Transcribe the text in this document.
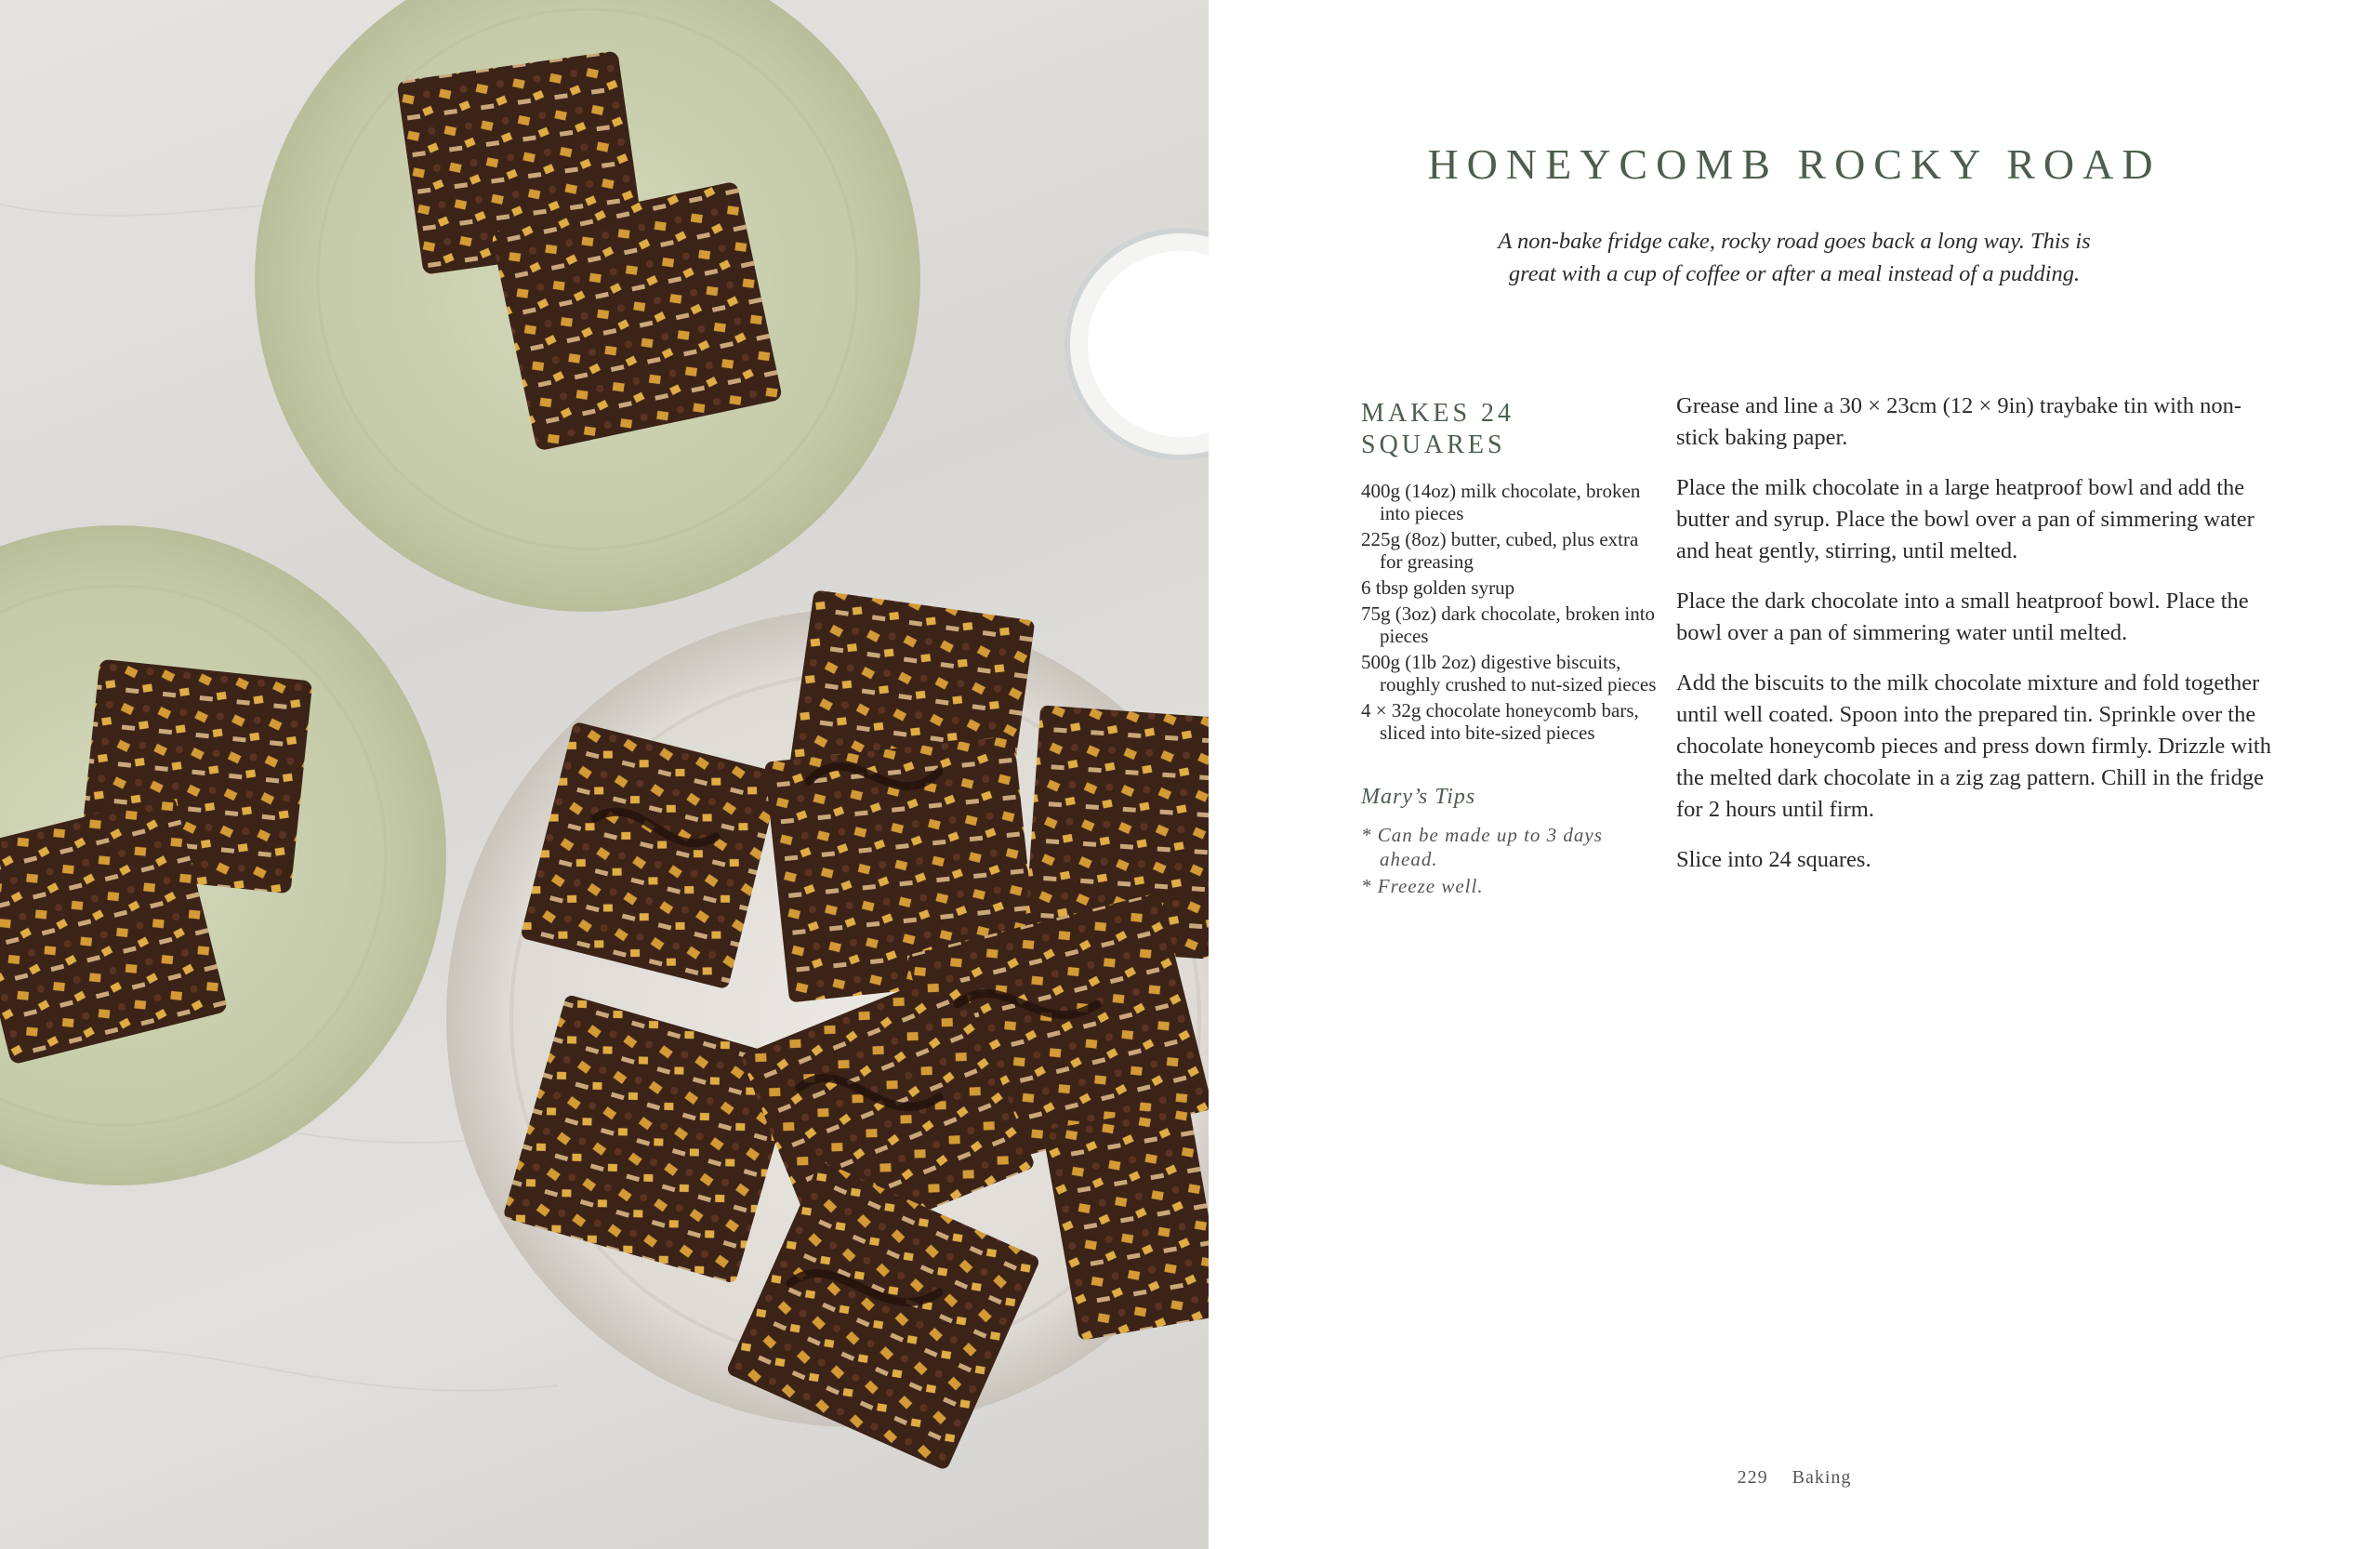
HONEYCOMB ROCKY ROAD
A non-bake fridge cake, rocky road goes back a long way. This is
great with a cup of coffee or after a meal instead of a pudding.
MAKES 24
SQUARES
400g (14oz) milk chocolate, broken into pieces
225g (8oz) butter, cubed, plus extra for greasing
6 tbsp golden syrup
75g (3oz) dark chocolate, broken into pieces
500g (1lb 2oz) digestive biscuits, roughly crushed to nut-sized pieces
4 × 32g chocolate honeycomb bars, sliced into bite-sized pieces
Mary’s Tips
* Can be made up to 3 days ahead.
* Freeze well.

Grease and line a 30 × 23cm (12 × 9in) traybake tin with non-stick baking paper.

Place the milk chocolate in a large heatproof bowl and add the butter and syrup. Place the bowl over a pan of simmering water and heat gently, stirring, until melted.

Place the dark chocolate into a small heatproof bowl. Place the bowl over a pan of simmering water until melted.

Add the biscuits to the milk chocolate mixture and fold together until well coated. Spoon into the prepared tin. Sprinkle over the chocolate honeycomb pieces and press down firmly. Drizzle with the melted dark chocolate in a zig zag pattern. Chill in the fridge for 2 hours until firm.

Slice into 24 squares.

229 Baking
